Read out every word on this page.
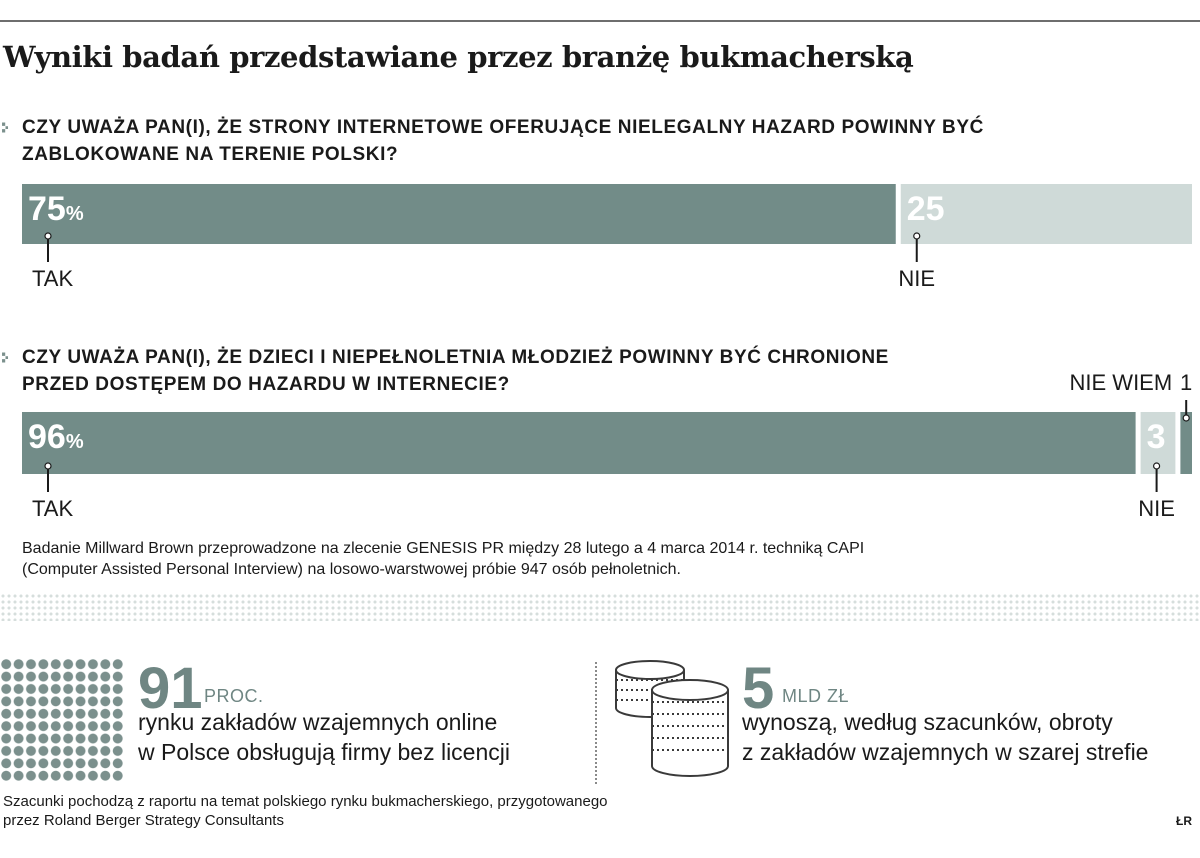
Wyniki badań przedstawiane przez branżę bukmacherską
∶· CZY UWAŻA PAN(I), ŻE STRONY INTERNETOWE OFERUJĄCE NIELEGALNY HAZARD POWINNY BYĆ
ZABLOKOWANE NA TERENIE POLSKI?
75%
TAK
25
NIE
∶· CZY UWAŻA PAN(I), ŻE DZIECI I NIEPEŁNOLETNIA MŁODZIEŻ POWINNY BYĆ CHRONIONE
PRZED DOSTĘPEM DO HAZARDU W INTERNECIE?
96%
TAK
3
NIE
NIE WIEM 1
Badanie Millward Brown przeprowadzone na zlecenie GENESIS PR między 28 lutego a 4 marca 2014 r. techniką CAPI
(Computer Assisted Personal Interview) na losowo-warstwowej próbie 947 osób pełnoletnich.
91 PROC.
rynku zakładów wzajemnych online
w Polsce obsługują firmy bez licencji
5 MLD ZŁ
wynoszą, według szacunków, obroty
z zakładów wzajemnych w szarej strefie
Szacunki pochodzą z raportu na temat polskiego rynku bukmacherskiego, przygotowanego
przez Roland Berger Strategy Consultants	ŁR
